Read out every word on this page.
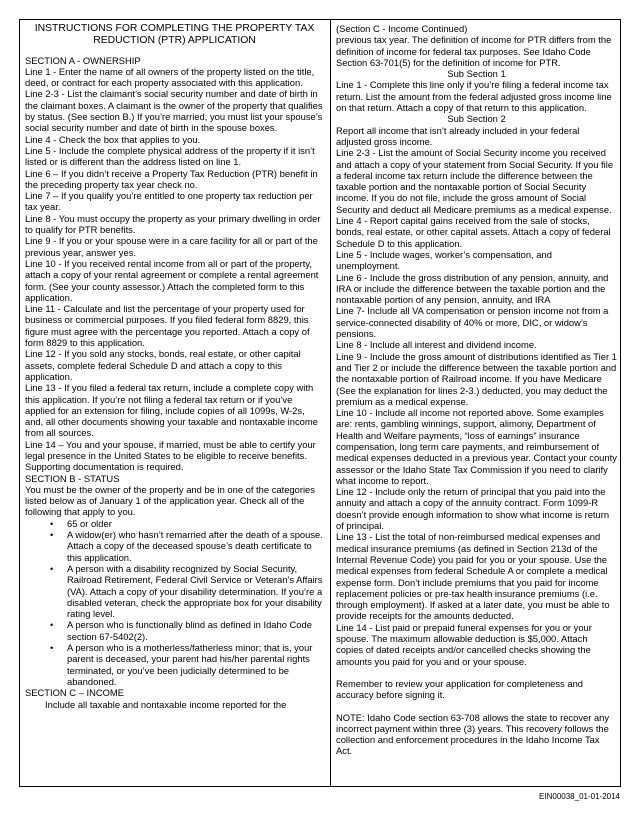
INSTRUCTIONS FOR COMPLETING THE PROPERTY TAX REDUCTION (PTR) APPLICATION

SECTION A - OWNERSHIP

Line 1 - Enter the name of all owners of the property listed on the title, deed, or contract for each property associated with this application.

Line 2-3 - List the claimant’s social security number and date of birth in the claimant boxes. A claimant is the owner of the property that qualifies by status. (See section B.) If you’re married, you must list your spouse’s social security number and date of birth in the spouse boxes.

Line 4 - Check the box that applies to you.

Line 5 - Include the complete physical address of the property if it isn’t listed or is different than the address listed on line 1.

Line 6 – If you didn’t receive a Property Tax Reduction (PTR) benefit in the preceding property tax year check no.

Line 7 – If you qualify you’re entitled to one property tax reduction per tax year.

Line 8 - You must occupy the property as your primary dwelling in order to qualify for PTR benefits.

Line 9 - If you or your spouse were in a care facility for all or part of the previous year, answer yes.

Line 10 - If you received rental income from all or part of the property, attach a copy of your rental agreement or complete a rental agreement form. (See your county assessor.) Attach the completed form to this application.

Line 11 - Calculate and list the percentage of your property used for business or commercial purposes. If you filed federal form 8829, this figure must agree with the percentage you reported. Attach a copy of form 8829 to this application.

Line 12 - If you sold any stocks, bonds, real estate, or other capital assets, complete federal Schedule D and attach a copy to this application.

Line 13 - If you filed a federal tax return, include a complete copy with this application. If you’re not filing a federal tax return or if you’ve applied for an extension for filing, include copies of all 1099s, W-2s, and, all other documents showing your taxable and nontaxable income from all sources.

Line 14 – You and your spouse, if married, must be able to certify your legal presence in the United States to be eligible to receive benefits. Supporting documentation is required.

SECTION B - STATUS

You must be the owner of the property and be in one of the categories listed below as of January 1 of the application year. Check all of the following that apply to you.

• 65 or older
• A widow(er) who hasn’t remarried after the death of a spouse. Attach a copy of the deceased spouse’s death certificate to this application.
• A person with a disability recognized by Social Security, Railroad Retirement, Federal Civil Service or Veteran’s Affairs (VA). Attach a copy of your disability determination. If you’re a disabled veteran, check the appropriate box for your disability rating level.
• A person who is functionally blind as defined in Idaho Code section 67-5402(2).
• A person who is a motherless/fatherless minor; that is, your parent is deceased, your parent had his/her parental rights terminated, or you’ve been judicially determined to be abandoned.

SECTION C – INCOME

Include all taxable and nontaxable income reported for the

(Section C - Income Continued)

previous tax year. The definition of income for PTR differs from the definition of income for federal tax purposes. See Idaho Code Section 63-701(5) for the definition of income for PTR.

Sub Section 1

Line 1 - Complete this line only if you’re filing a federal income tax return. List the amount from the federal adjusted gross income line on that return. Attach a copy of that return to this application.

Sub Section 2

Report all income that isn’t already included in your federal adjusted gross income.

Line 2-3 - List the amount of Social Security income you received and attach a copy of your statement from Social Security. If you file a federal income tax return include the difference between the taxable portion and the nontaxable portion of Social Security income. If you do not file, include the gross amount of Social Security and deduct all Medicare premiums as a medical expense.

Line 4 - Report capital gains received from the sale of stocks, bonds, real estate, or other capital assets. Attach a copy of federal Schedule D to this application.

Line 5 - Include wages, worker’s compensation, and unemployment.

Line 6 - Include the gross distribution of any pension, annuity, and IRA or include the difference between the taxable portion and the nontaxable portion of any pension, annuity, and IRA

Line 7- Include all VA compensation or pension income not from a service-connected disability of 40% or more, DIC, or widow’s pensions.

Line 8 - Include all interest and dividend income.

Line 9 - Include the gross amount of distributions identified as Tier 1 and Tier 2 or include the difference between the taxable portion and the nontaxable portion of Railroad income. If you have Medicare (See the explanation for lines 2-3.) deducted, you may deduct the premium as a medical expense.

Line 10 - Include all income not reported above. Some examples are: rents, gambling winnings, support, alimony, Department of Health and Welfare payments, “loss of earnings” insurance compensation, long term care payments, and reimbursement of medical expenses deducted in a previous year. Contact your county assessor or the Idaho State Tax Commission if you need to clarify what income to report.

Line 12 - Include only the return of principal that you paid into the annuity and attach a copy of the annuity contract. Form 1099-R doesn’t provide enough information to show what income is return of principal.

Line 13 - List the total of non-reimbursed medical expenses and medical insurance premiums (as defined in Section 213d of the Internal Revenue Code) you paid for you or your spouse. Use the medical expenses from federal Schedule A or complete a medical expense form. Don’t include premiums that you paid for income replacement policies or pre-tax health insurance premiums (i.e. through employment). If asked at a later date, you must be able to provide receipts for the amounts deducted.

Line 14 - List paid or prepaid funeral expenses for you or your spouse. The maximum allowable deduction is $5,000. Attach copies of dated receipts and/or cancelled checks showing the amounts you paid for you and or your spouse.

Remember to review your application for completeness and accuracy before signing it.

NOTE: Idaho Code section 63-708 allows the state to recover any incorrect payment within three (3) years. This recovery follows the collection and enforcement procedures in the Idaho Income Tax Act.

EIN00038_01-01-2014
